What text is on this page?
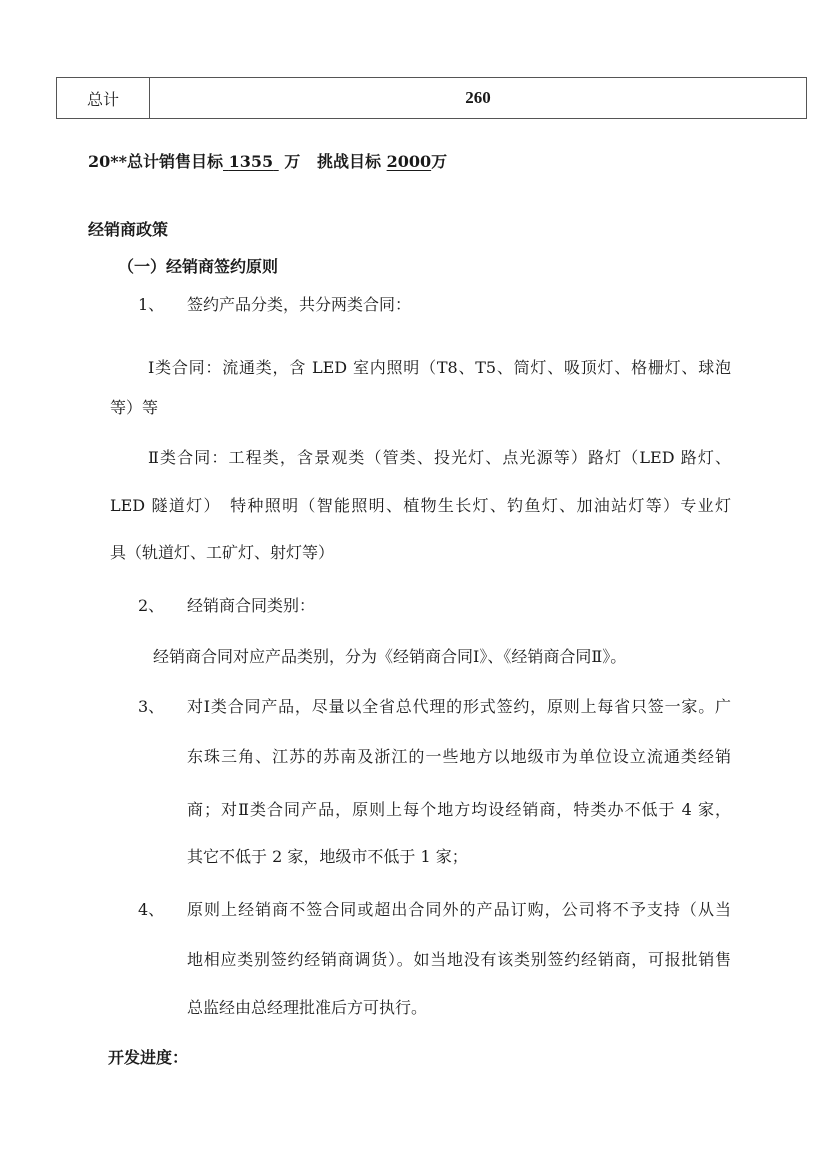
总计	260
20**总计销售目标 1355 万 挑战目标 2000万
经销商政策
（一）经销商签约原则
1、 签约产品分类，共分两类合同：
Ⅰ类合同：流通类，含 LED 室内照明（T8、T5、筒灯、吸顶灯、格栅灯、球泡
等）等
Ⅱ类合同：工程类，含景观类（管类、投光灯、点光源等）路灯（LED 路灯、
LED 隧道灯）　特种照明（智能照明、植物生长灯、钓鱼灯、加油站灯等）专业灯
具（轨道灯、工矿灯、射灯等）
2、 经销商合同类别：
经销商合同对应产品类别，分为《经销商合同Ⅰ》、《经销商合同Ⅱ》。
3、 对Ⅰ类合同产品，尽量以全省总代理的形式签约，原则上每省只签一家。广
东珠三角、江苏的苏南及浙江的一些地方以地级市为单位设立流通类经销
商；对Ⅱ类合同产品，原则上每个地方均设经销商，特类办不低于 4 家，
其它不低于 2 家，地级市不低于 1 家；
4、 原则上经销商不签合同或超出合同外的产品订购，公司将不予支持（从当
地相应类别签约经销商调货）。如当地没有该类别签约经销商，可报批销售
总监经由总经理批准后方可执行。
开发进度：
